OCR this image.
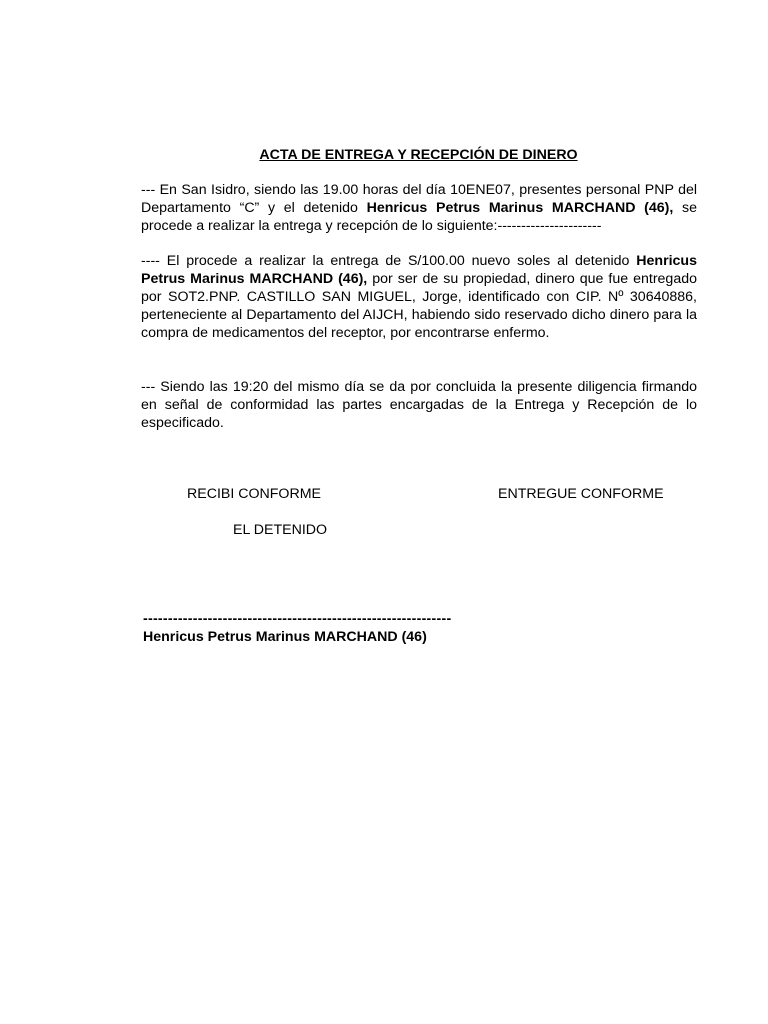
ACTA DE ENTREGA Y RECEPCIÓN DE DINERO

--- En San Isidro, siendo las 19.00 horas del día 10ENE07, presentes personal PNP del Departamento “C” y el detenido Henricus Petrus Marinus MARCHAND (46), se procede a realizar la entrega y recepción de lo siguiente:----------------------

---- El procede a realizar la entrega de S/100.00 nuevo soles al detenido Henricus Petrus Marinus MARCHAND (46), por ser de su propiedad, dinero que fue entregado por SOT2.PNP. CASTILLO SAN MIGUEL, Jorge, identificado con CIP. Nº 30640886, perteneciente al Departamento del AIJCH, habiendo sido reservado dicho dinero para la compra de medicamentos del receptor, por encontrarse enfermo.

--- Siendo las 19:20 del mismo día se da por concluida la presente diligencia firmando en señal de conformidad las partes encargadas de la Entrega y Recepción de lo especificado.

RECIBI CONFORME	ENTREGUE CONFORME

EL DETENIDO

--------------------------------------------------------------

Henricus Petrus Marinus MARCHAND (46)
